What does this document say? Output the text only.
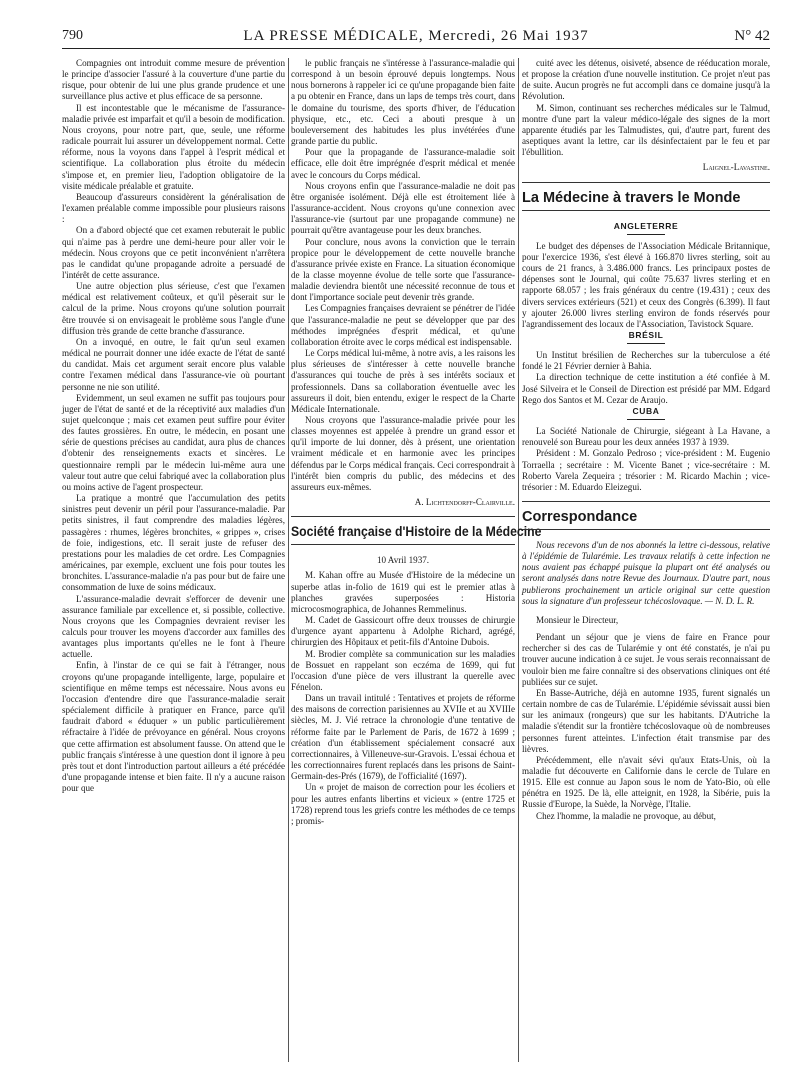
790	LA PRESSE MÉDICALE, Mercredi, 26 Mai 1937	N° 42

Compagnies ont introduit comme mesure de prévention le principe d'associer l'assuré à la couverture d'une partie du risque, pour obtenir de lui une plus grande prudence et une surveillance plus active et plus efficace de sa personne.

Il est incontestable que le mécanisme de l'assurance-maladie privée est imparfait et qu'il a besoin de modification. Nous croyons, pour notre part, que, seule, une réforme radicale pourrait lui assurer un développement normal. Cette réforme, nous la voyons dans l'appel à l'esprit médical et scientifique. La collaboration plus étroite du médecin s'impose et, en premier lieu, l'adoption obligatoire de la visite médicale préalable et gratuite.

Beaucoup d'assureurs considèrent la généralisation de l'examen préalable comme impossible pour plusieurs raisons :

On a d'abord objecté que cet examen rebuterait le public qui n'aime pas à perdre une demi-heure pour aller voir le médecin. Nous croyons que ce petit inconvénient n'arrêtera pas le candidat qu'une propagande adroite a persuadé de l'intérêt de cette assurance.

Une autre objection plus sérieuse, c'est que l'examen médical est relativement coûteux, et qu'il pèserait sur le calcul de la prime. Nous croyons qu'une solution pourrait être trouvée si on envisageait le problème sous l'angle d'une diffusion très grande de cette branche d'assurance.

On a invoqué, en outre, le fait qu'un seul examen médical ne pourrait donner une idée exacte de l'état de santé du candidat. Mais cet argument serait encore plus valable contre l'examen médical dans l'assurance-vie où pourtant personne ne nie son utilité.

Evidemment, un seul examen ne suffit pas toujours pour juger de l'état de santé et de la réceptivité aux maladies d'un sujet quelconque ; mais cet examen peut suffire pour éviter des fautes grossières. En outre, le médecin, en posant une série de questions précises au candidat, aura plus de chances d'obtenir des renseignements exacts et sincères. Le questionnaire rempli par le médecin lui-même aura une valeur tout autre que celui fabriqué avec la collaboration plus ou moins active de l'agent prospecteur.

La pratique a montré que l'accumulation des petits sinistres peut devenir un péril pour l'assurance-maladie. Par petits sinistres, il faut comprendre des maladies légères, passagères : rhumes, légères bronchites, « grippes », crises de foie, indigestions, etc. Il serait juste de refuser des prestations pour les maladies de cet ordre. Les Compagnies américaines, par exemple, excluent une fois pour toutes les bronchites. L'assurance-maladie n'a pas pour but de faire une consommation de luxe de soins médicaux.

L'assurance-maladie devrait s'efforcer de devenir une assurance familiale par excellence et, si possible, collective. Nous croyons que les Compagnies devraient reviser les calculs pour trouver les moyens d'accorder aux familles des avantages plus importants qu'elles ne le font à l'heure actuelle.

Enfin, à l'instar de ce qui se fait à l'étranger, nous croyons qu'une propagande intelligente, large, populaire et scientifique en même temps est nécessaire. Nous avons eu l'occasion d'entendre dire que l'assurance-maladie serait spécialement difficile à pratiquer en France, parce qu'il faudrait d'abord « éduquer » un public particulièrement réfractaire à l'idée de prévoyance en général. Nous croyons que cette affirmation est absolument fausse. On attend que le public français s'intéresse à une question dont il ignore à peu près tout et dont l'introduction partout ailleurs a été précédée d'une propagande intense et bien faite. Il n'y a aucune raison pour que

le public français ne s'intéresse à l'assurance-maladie qui correspond à un besoin éprouvé depuis longtemps. Nous nous bornerons à rappeler ici ce qu'une propagande bien faite a pu obtenir en France, dans un laps de temps très court, dans le domaine du tourisme, des sports d'hiver, de l'éducation physique, etc., etc. Ceci a abouti presque à un bouleversement des habitudes les plus invétérées d'une grande partie du public.

Pour que la propagande de l'assurance-maladie soit efficace, elle doit être imprégnée d'esprit médical et menée avec le concours du Corps médical.

Nous croyons enfin que l'assurance-maladie ne doit pas être organisée isolément. Déjà elle est étroitement liée à l'assurance-accident. Nous croyons qu'une connexion avec l'assurance-vie (surtout par une propagande commune) ne pourrait qu'être avantageuse pour les deux branches.

Pour conclure, nous avons la conviction que le terrain propice pour le développement de cette nouvelle branche d'assurance privée existe en France. La situation économique de la classe moyenne évolue de telle sorte que l'assurance-maladie deviendra bientôt une nécessité reconnue de tous et dont l'importance sociale peut devenir très grande.

Les Compagnies françaises devraient se pénétrer de l'idée que l'assurance-maladie ne peut se développer que par des méthodes imprégnées d'esprit médical, et qu'une collaboration étroite avec le corps médical est indispensable.

Le Corps médical lui-même, à notre avis, a les raisons les plus sérieuses de s'intéresser à cette nouvelle branche d'assurances qui touche de près à ses intérêts sociaux et professionnels. Dans sa collaboration éventuelle avec les assureurs il doit, bien entendu, exiger le respect de la Charte Médicale Internationale.

Nous croyons que l'assurance-maladie privée pour les classes moyennes est appelée à prendre un grand essor et qu'il importe de lui donner, dès à présent, une orientation vraiment médicale et en harmonie avec les principes défendus par le Corps médical français. Ceci correspondrait à l'intérêt bien compris du public, des médecins et des assureurs eux-mêmes.

A. Lichtendorff-Clairville.

Société française d'Histoire de la Médecine

10 Avril 1937.

M. Kahan offre au Musée d'Histoire de la médecine un superbe atlas in-folio de 1619 qui est le premier atlas à planches gravées superposées : Historia microcosmographica, de Johannes Remmelinus.

M. Cadet de Gassicourt offre deux trousses de chirurgie d'urgence ayant appartenu à Adolphe Richard, agrégé, chirurgien des Hôpitaux et petit-fils d'Antoine Dubois.

M. Brodier complète sa communication sur les maladies de Bossuet en rappelant son eczéma de 1699, qui fut l'occasion d'une pièce de vers illustrant la querelle avec Fénelon.

Dans un travail intitulé : Tentatives et projets de réforme des maisons de correction parisiennes au XVIIe et au XVIIIe siècles, M. J. Vié retrace la chronologie d'une tentative de réforme faite par le Parlement de Paris, de 1672 à 1699 ; création d'un établissement spécialement consacré aux correctionnaires, à Villeneuve-sur-Gravois. L'essai échoua et les correctionnaires furent replacés dans les prisons de Saint-Germain-des-Prés (1679), de l'officialité (1697).

Un « projet de maison de correction pour les écoliers et pour les autres enfants libertins et vicieux » (entre 1725 et 1728) reprend tous les griefs contre les méthodes de ce temps ; promis-

cuité avec les détenus, oisiveté, absence de rééducation morale, et propose la création d'une nouvelle institution. Ce projet n'eut pas de suite. Aucun progrès ne fut accompli dans ce domaine jusqu'à la Révolution.

M. Simon, continuant ses recherches médicales sur le Talmud, montre d'une part la valeur médico-légale des signes de la mort apparente étudiés par les Talmudistes, qui, d'autre part, furent des aseptiques avant la lettre, car ils désinfectaient par le feu et par l'ébullition.

Laignel-Lavastine.

La Médecine à travers le Monde

ANGLETERRE

Le budget des dépenses de l'Association Médicale Britannique, pour l'exercice 1936, s'est élevé à 166.870 livres sterling, soit au cours de 21 francs, à 3.486.000 francs. Les principaux postes de dépenses sont le Journal, qui coûte 75.637 livres sterling et en rapporte 68.057 ; les frais généraux du centre (19.431) ; ceux des divers services extérieurs (521) et ceux des Congrès (6.399). Il faut y ajouter 26.000 livres sterling environ de fonds réservés pour l'agrandissement des locaux de l'Association, Tavistock Square.

BRÉSIL

Un Institut brésilien de Recherches sur la tuberculose a été fondé le 21 Février dernier à Bahia.

La direction technique de cette institution a été confiée à M. José Silveira et le Conseil de Direction est présidé par MM. Edgard Rego dos Santos et M. Cezar de Araujo.

CUBA

La Société Nationale de Chirurgie, siégeant à La Havane, a renouvelé son Bureau pour les deux années 1937 à 1939.

Président : M. Gonzalo Pedroso ; vice-président : M. Eugenio Torraella ; secrétaire : M. Vicente Banet ; vice-secrétaire : M. Roberto Varela Zequeira ; trésorier : M. Ricardo Machin ; vice-trésorier : M. Eduardo Eleizegui.

Correspondance

Nous recevons d'un de nos abonnés la lettre ci-dessous, relative à l'épidémie de Tularémie. Les travaux relatifs à cette infection ne nous avaient pas échappé puisque la plupart ont été analysés ou seront analysés dans notre Revue des Journaux. D'autre part, nous publierons prochainement un article original sur cette question sous la signature d'un professeur tchécoslovaque. — N. D. L. R.

Monsieur le Directeur,

Pendant un séjour que je viens de faire en France pour rechercher si des cas de Tularémie y ont été constatés, je n'ai pu trouver aucune indication à ce sujet. Je vous serais reconnaissant de vouloir bien me faire connaître si des observations cliniques ont été publiées sur ce sujet.

En Basse-Autriche, déjà en automne 1935, furent signalés un certain nombre de cas de Tularémie. L'épidémie sévissait aussi bien sur les animaux (rongeurs) que sur les habitants. D'Autriche la maladie s'étendit sur la frontière tchécoslovaque où de nombreuses personnes furent atteintes. L'infection était transmise par des lièvres.

Précédemment, elle n'avait sévi qu'aux Etats-Unis, où la maladie fut découverte en Californie dans le cercle de Tulare en 1915. Elle est connue au Japon sous le nom de Yato-Bio, où elle pénétra en 1925. De là, elle atteignit, en 1928, la Sibérie, puis la Russie d'Europe, la Suède, la Norvège, l'Italie.

Chez l'homme, la maladie ne provoque, au début,
